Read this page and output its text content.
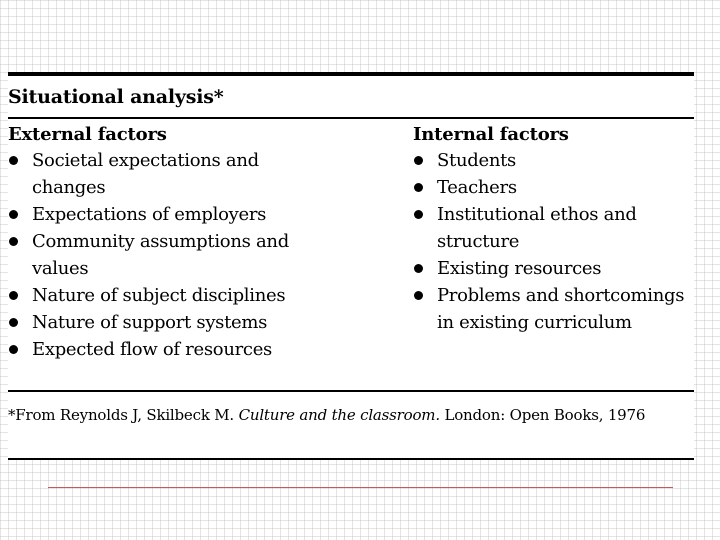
Situational analysis*
External factors
Societal expectations and changes
Expectations of employers
Community assumptions and values
Nature of subject disciplines
Nature of support systems
Expected flow of resources
Internal factors
Students
Teachers
Institutional ethos and structure
Existing resources
Problems and shortcomings in existing curriculum
*From Reynolds J, Skilbeck M. Culture and the classroom. London: Open Books, 1976
